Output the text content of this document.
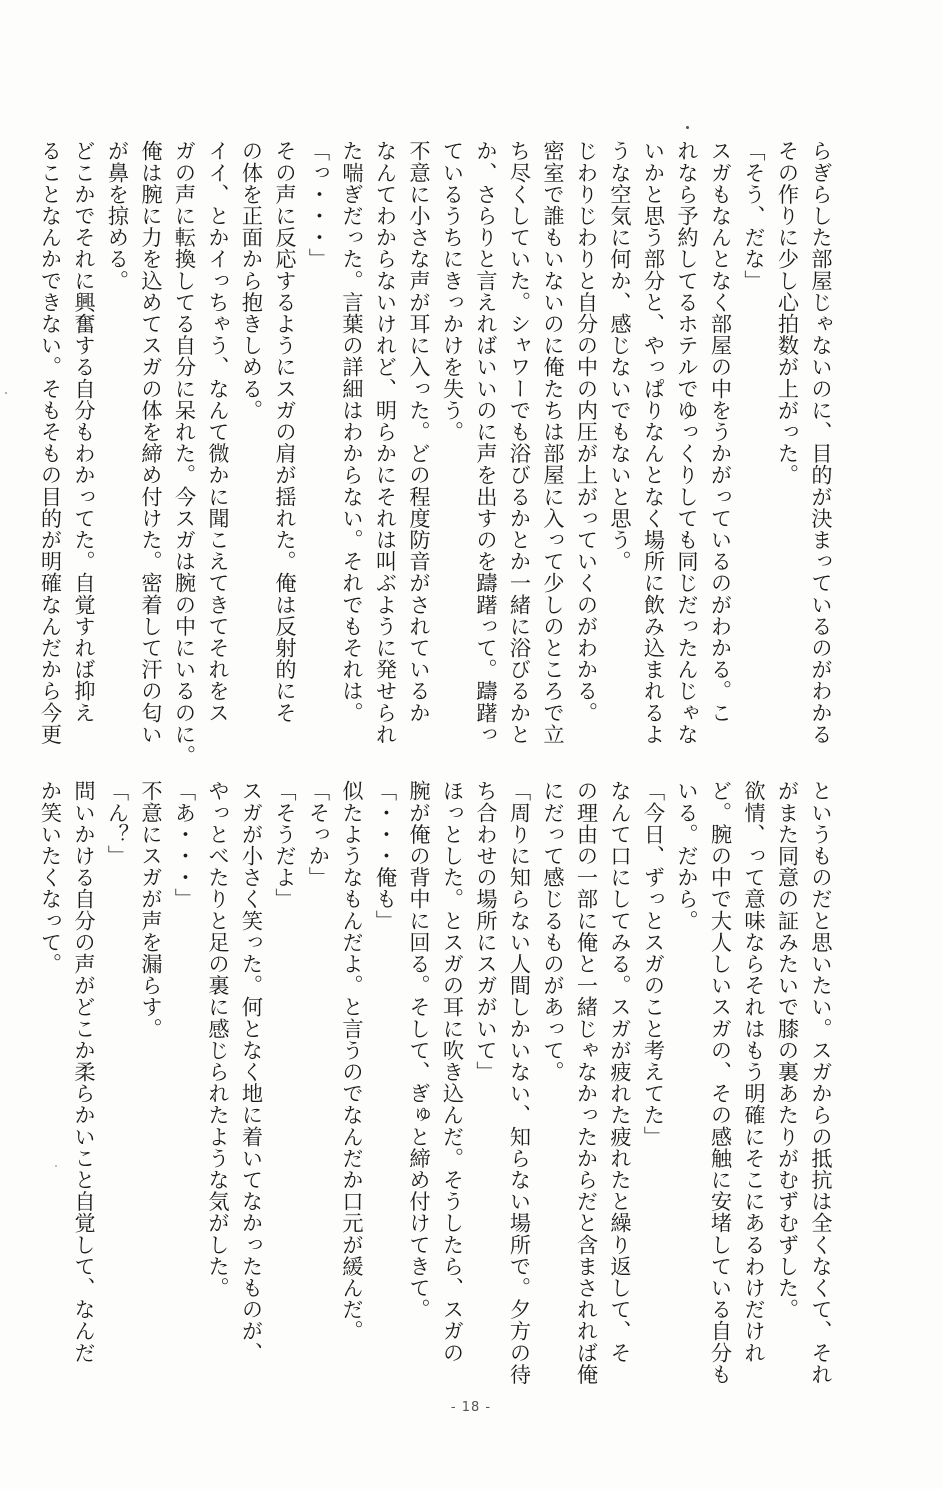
らぎらした部屋じゃないのに、目的が決まっているのがわかる
その作りに少し心拍数が上がった。
「そう、だな」
スガもなんとなく部屋の中をうかがっているのがわかる。こ
れなら予約してるホテルでゆっくりしても同じだったんじゃな
いかと思う部分と、やっぱりなんとなく場所に飲み込まれるよ
うな空気に何か、感じないでもないと思う。
じわりじわりと自分の中の内圧が上がっていくのがわかる。
密室で誰もいないのに俺たちは部屋に入って少しのところで立
ち尽くしていた。シャワーでも浴びるかとか一緒に浴びるかと
か、さらりと言えればいいのに声を出すのを躊躇って。躊躇っ
ているうちにきっかけを失う。
不意に小さな声が耳に入った。どの程度防音がされているか
なんてわからないけれど、明らかにそれは叫ぶように発せられ
た喘ぎだった。言葉の詳細はわからない。それでもそれは。
「っ・・・」
その声に反応するようにスガの肩が揺れた。俺は反射的にそ
の体を正面から抱きしめる。
イイ、とかイっちゃう、なんて微かに聞こえてきてそれをス
ガの声に転換してる自分に呆れた。今スガは腕の中にいるのに。
俺は腕に力を込めてスガの体を締め付けた。密着して汗の匂い
が鼻を掠める。
どこかでそれに興奮する自分もわかってた。自覚すれば抑え
ることなんかできない。そもそもの目的が明確なんだから今更
というものだと思いたい。スガからの抵抗は全くなくて、それ
がまた同意の証みたいで膝の裏あたりがむずむずした。
欲情、って意味ならそれはもう明確にそこにあるわけだけれ
ど。腕の中で大人しいスガの、その感触に安堵している自分も
いる。だから。
「今日、ずっとスガのこと考えてた」
なんて口にしてみる。スガが疲れた疲れたと繰り返して、そ
の理由の一部に俺と一緒じゃなかったからだと含まされれば俺
にだって感じるものがあって。
「周りに知らない人間しかいない、知らない場所で。夕方の待
ち合わせの場所にスガがいて」
ほっとした。とスガの耳に吹き込んだ。そうしたら、スガの
腕が俺の背中に回る。そして、ぎゅと締め付けてきて。
「・・・俺も」
似たようなもんだよ。と言うのでなんだか口元が緩んだ。
「そっか」
「そうだよ」
スガが小さく笑った。何となく地に着いてなかったものが、
やっとべたりと足の裏に感じられたような気がした。
「あ・・・」
不意にスガが声を漏らす。
「ん？」
問いかける自分の声がどこか柔らかいこと自覚して、なんだ
か笑いたくなって。
- 18 -
